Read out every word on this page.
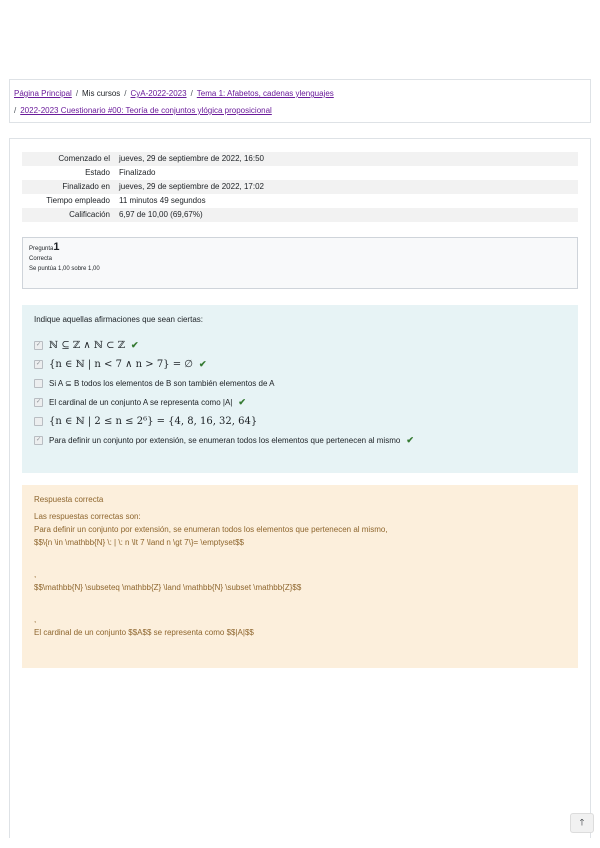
Página Principal / Mis cursos / CyA-2022-2023 / Tema 1: Afabetos, cadenas ylenguajes
/ 2022-2023 Cuestionario #00: Teoría de conjuntos ylógica proposicional
Comenzado el	jueves, 29 de septiembre de 2022, 16:50
Estado	Finalizado
Finalizado en	jueves, 29 de septiembre de 2022, 17:02
Tiempo empleado	11 minutos 49 segundos
Calificación	6,97 de 10,00 (69,67%)
Pregunta1
Correcta
Se puntúa 1,00 sobre 1,00

Indique aquellas afirmaciones que sean ciertas:

✓ ℕ ⊆ ℤ ∧ ℕ ⊂ ℤ ✔
✓ {n ∈ ℕ | n < 7 ∧ n > 7} = ∅ ✔
Si A ⊆ B todos los elementos de B son también elementos de A
✓ El cardinal de un conjunto A se representa como |A| ✔
{n ∈ ℕ | 2 ≤ n ≤ 2⁶} = {4, 8, 16, 32, 64}
✓ Para definir un conjunto por extensión, se enumeran todos los elementos que pertenecen al mismo ✔

Respuesta correcta

Las respuestas correctas son:

Para definir un conjunto por extensión, se enumeran todos los elementos que pertenecen al mismo,

$$\{n \in \mathbb{N} \: | \: n \lt 7 \land n \gt 7\}= \emptyset$$

,

$$\mathbb{N} \subseteq \mathbb{Z} \land \mathbb{N} \subset \mathbb{Z}$$

,

El cardinal de un conjunto $$A$$ se representa como $$|A|$$

🡑
